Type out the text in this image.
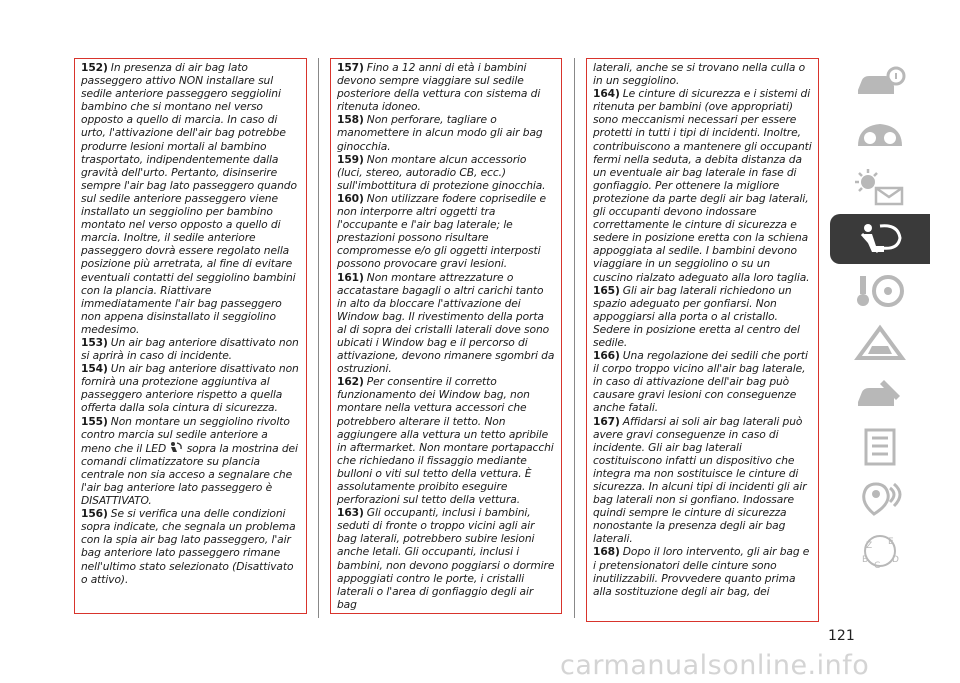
152) In presenza di air bag lato passeggero attivo NON installare sul sedile anteriore passeggero seggiolini bambino che si montano nel verso opposto a quello di marcia. In caso di urto, l'attivazione dell'air bag potrebbe produrre lesioni mortali al bambino trasportato, indipendentemente dalla gravità dell'urto. Pertanto, disinserire sempre l'air bag lato passeggero quando sul sedile anteriore passeggero viene installato un seggiolino per bambino montato nel verso opposto a quello di marcia. Inoltre, il sedile anteriore passeggero dovrà essere regolato nella posizione più arretrata, al fine di evitare eventuali contatti del seggiolino bambini con la plancia. Riattivare immediatamente l'air bag passeggero non appena disinstallato il seggiolino medesimo.

153) Un air bag anteriore disattivato non si aprirà in caso di incidente.

154) Un air bag anteriore disattivato non fornirà una protezione aggiuntiva al passeggero anteriore rispetto a quella offerta dalla sola cintura di sicurezza.

155) Non montare un seggiolino rivolto contro marcia sul sedile anteriore a meno che il LED  sopra la mostrina dei comandi climatizzatore su plancia centrale non sia acceso a segnalare che l'air bag anteriore lato passeggero è DISATTIVATO.

156) Se si verifica una delle condizioni sopra indicate, che segnala un problema con la spia air bag lato passeggero, l'air bag anteriore lato passeggero rimane nell'ultimo stato selezionato (Disattivato o attivo).

157) Fino a 12 anni di età i bambini devono sempre viaggiare sul sedile posteriore della vettura con sistema di ritenuta idoneo.

158) Non perforare, tagliare o manomettere in alcun modo gli air bag ginocchia.

159) Non montare alcun accessorio (luci, stereo, autoradio CB, ecc.) sull'imbottitura di protezione ginocchia.

160) Non utilizzare fodere coprisedile e non interporre altri oggetti tra l'occupante e l'air bag laterale; le prestazioni possono risultare compromesse e/o gli oggetti interposti possono provocare gravi lesioni.

161) Non montare attrezzature o accatastare bagagli o altri carichi tanto in alto da bloccare l'attivazione dei Window bag. Il rivestimento della porta al di sopra dei cristalli laterali dove sono ubicati i Window bag e il percorso di attivazione, devono rimanere sgombri da ostruzioni.

162) Per consentire il corretto funzionamento dei Window bag, non montare nella vettura accessori che potrebbero alterare il tetto. Non aggiungere alla vettura un tetto apribile in aftermarket. Non montare portapacchi che richiedano il fissaggio mediante bulloni o viti sul tetto della vettura. È assolutamente proibito eseguire perforazioni sul tetto della vettura.

163) Gli occupanti, inclusi i bambini, seduti di fronte o troppo vicini agli air bag laterali, potrebbero subire lesioni anche letali. Gli occupanti, inclusi i bambini, non devono poggiarsi o dormire appoggiati contro le porte, i cristalli laterali o l'area di gonfiaggio degli air bag

laterali, anche se si trovano nella culla o in un seggiolino.

164) Le cinture di sicurezza e i sistemi di ritenuta per bambini (ove appropriati) sono meccanismi necessari per essere protetti in tutti i tipi di incidenti. Inoltre, contribuiscono a mantenere gli occupanti fermi nella seduta, a debita distanza da un eventuale air bag laterale in fase di gonfiaggio. Per ottenere la migliore protezione da parte degli air bag laterali, gli occupanti devono indossare correttamente le cinture di sicurezza e sedere in posizione eretta con la schiena appoggiata al sedile. I bambini devono viaggiare in un seggiolino o su un cuscino rialzato adeguato alla loro taglia.

165) Gli air bag laterali richiedono un spazio adeguato per gonfiarsi. Non appoggiarsi alla porta o al cristallo. Sedere in posizione eretta al centro del sedile.

166) Una regolazione dei sedili che porti il corpo troppo vicino all'air bag laterale, in caso di attivazione dell'air bag può causare gravi lesioni con conseguenze anche fatali.

167) Affidarsi ai soli air bag laterali può avere gravi conseguenze in caso di incidente. Gli air bag laterali costituiscono infatti un dispositivo che integra ma non sostituisce le cinture di sicurezza. In alcuni tipi di incidenti gli air bag laterali non si gonfiano. Indossare quindi sempre le cinture di sicurezza nonostante la presenza degli air bag laterali.

168) Dopo il loro intervento, gli air bag e i pretensionatori delle cinture sono inutilizzabili. Provvedere quanto prima alla sostituzione degli air bag, dei

Z E
B
C
D
121
carmanualsonline.info
